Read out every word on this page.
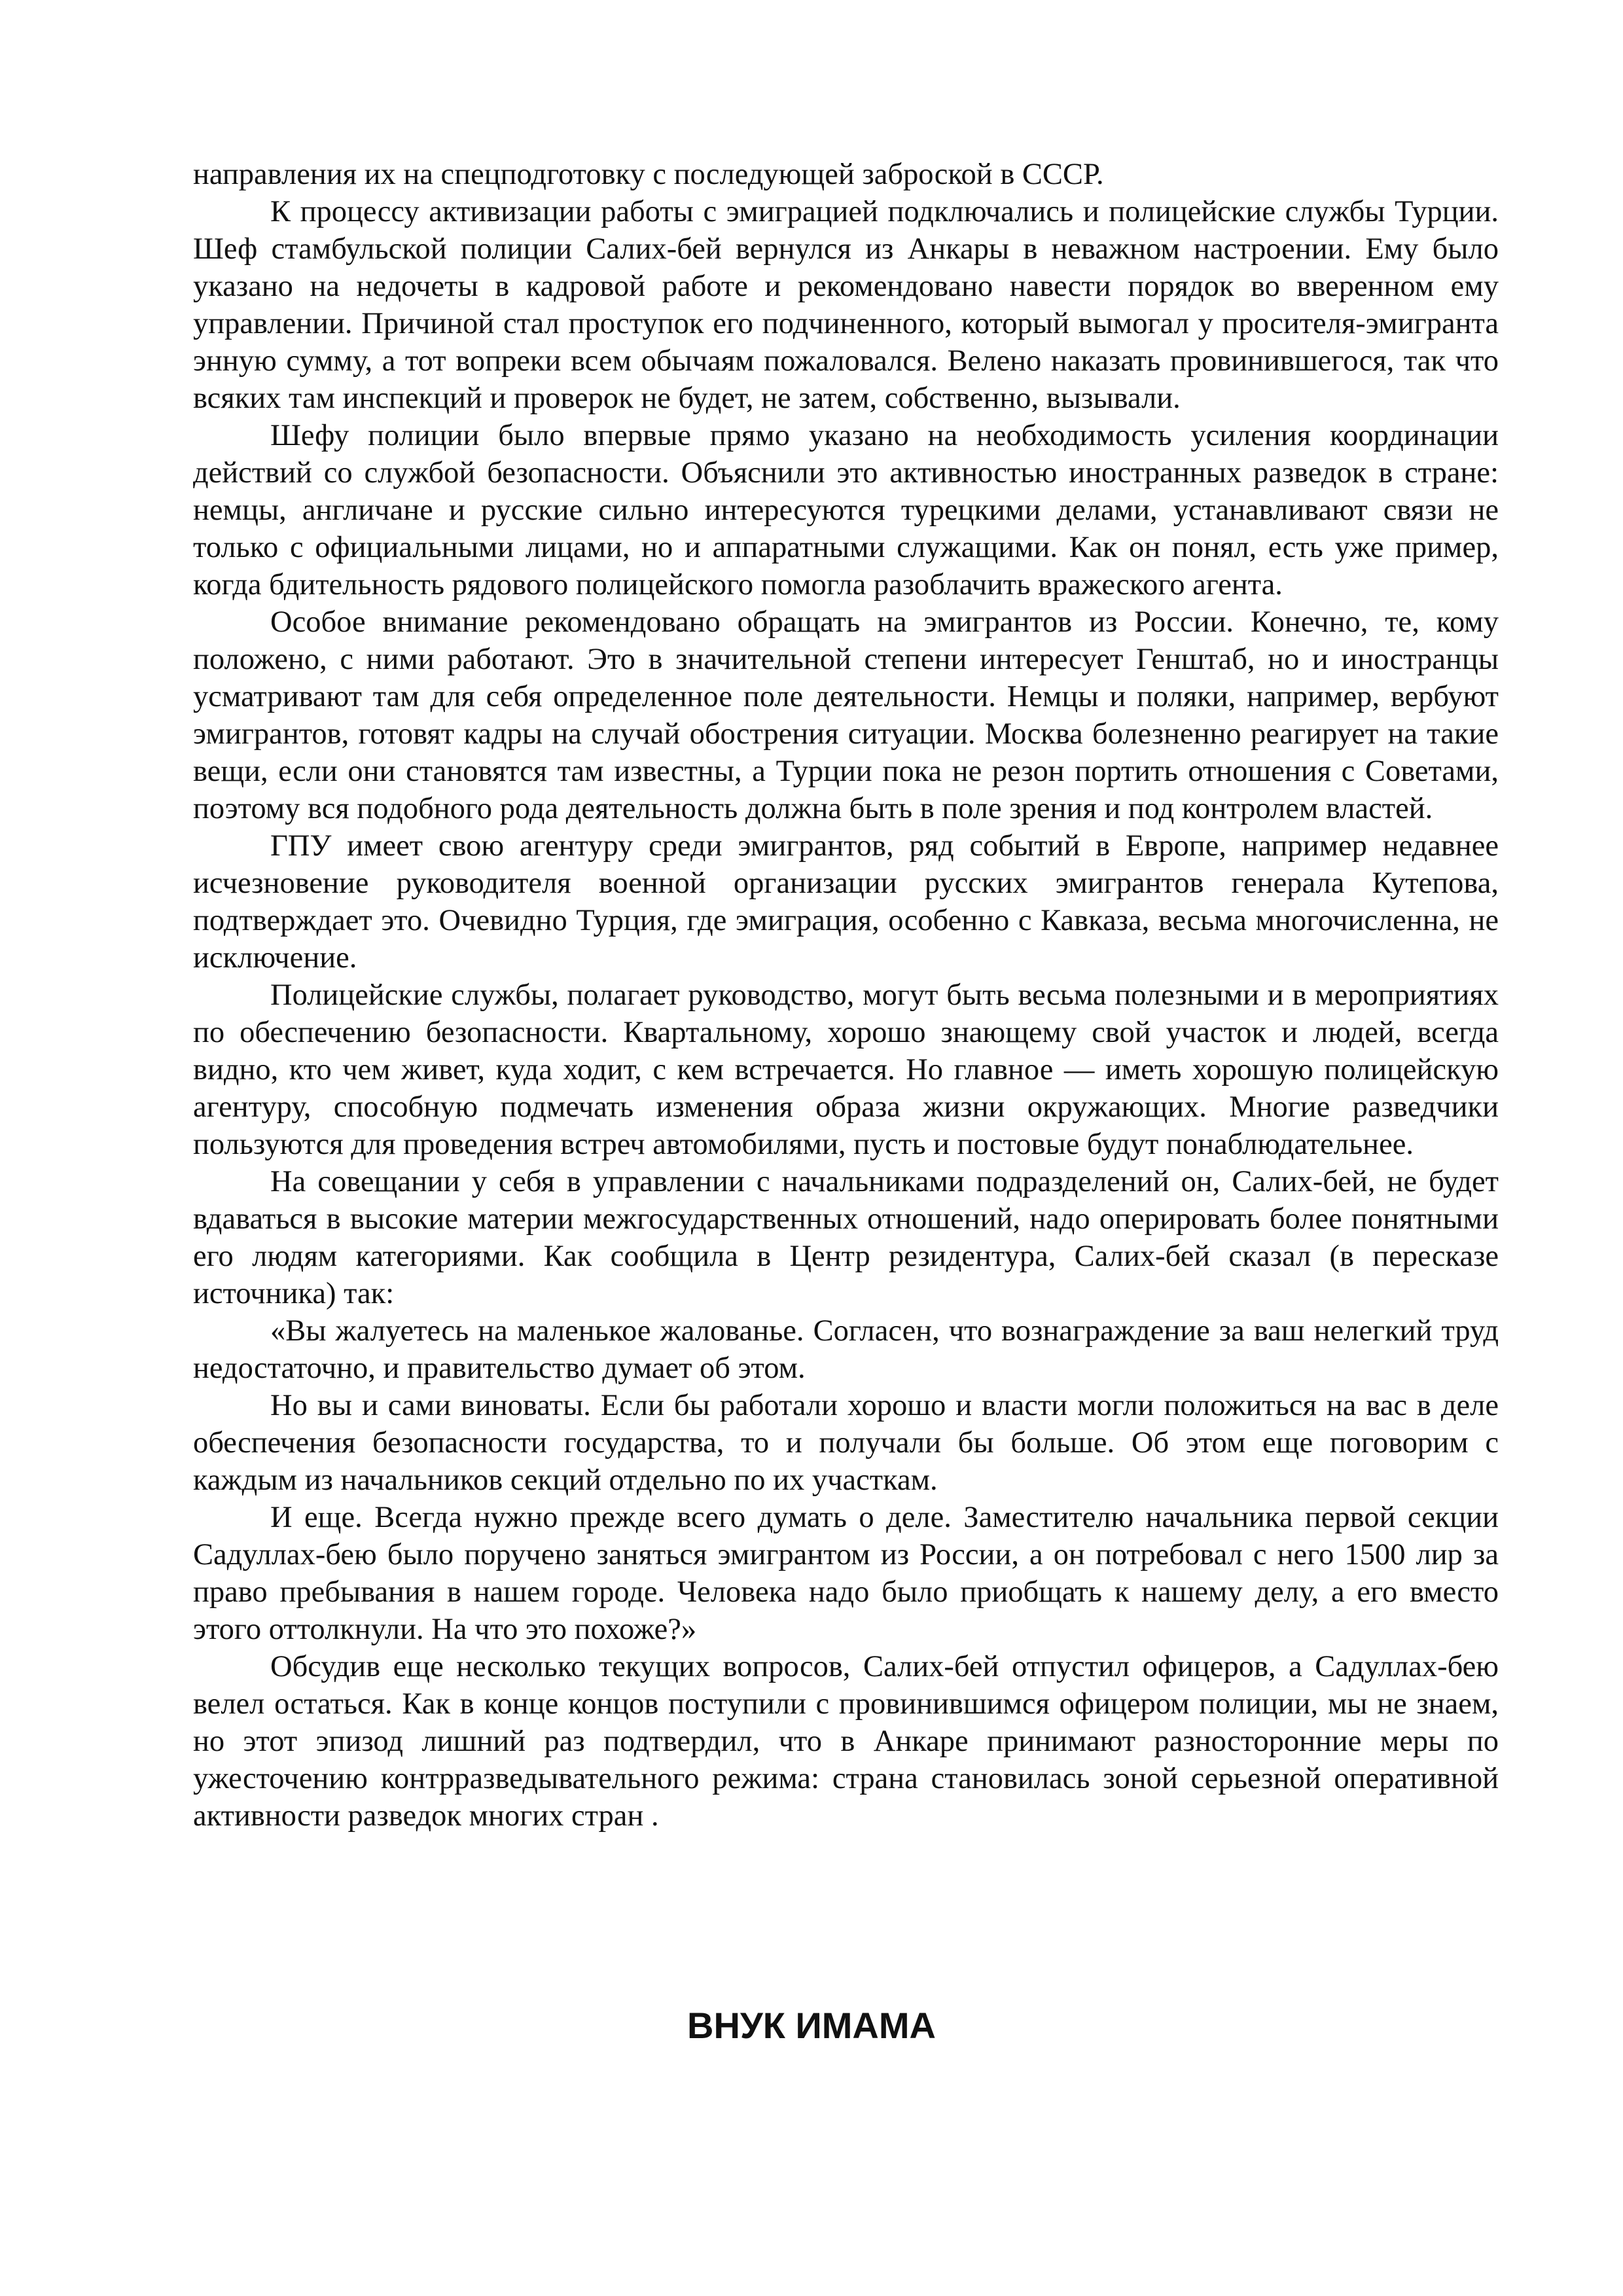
направления их на спецподготовку с последующей заброской в СССР.

К процессу активизации работы с эмиграцией подключались и полицейские службы Турции. Шеф стамбульской полиции Салих-бей вернулся из Анкары в неважном настроении. Ему было указано на недочеты в кадровой работе и рекомендовано навести порядок во вверенном ему управлении. Причиной стал проступок его подчиненного, который вымогал у просителя-эмигранта энную сумму, а тот вопреки всем обычаям пожаловался. Велено наказать провинившегося, так что всяких там инспекций и проверок не будет, не затем, собственно, вызывали.

Шефу полиции было впервые прямо указано на необходимость усиления координации действий со службой безопасности. Объяснили это активностью иностранных разведок в стране: немцы, англичане и русские сильно интересуются турецкими делами, устанавливают связи не только с официальными лицами, но и аппаратными служащими. Как он понял, есть уже пример, когда бдительность рядового полицейского помогла разоблачить вражеского агента.

Особое внимание рекомендовано обращать на эмигрантов из России. Конечно, те, кому положено, с ними работают. Это в значительной степени интересует Генштаб, но и иностранцы усматривают там для себя определенное поле деятельности. Немцы и поляки, например, вербуют эмигрантов, готовят кадры на случай обострения ситуации. Москва болезненно реагирует на такие вещи, если они становятся там известны, а Турции пока не резон портить отношения с Советами, поэтому вся подобного рода деятельность должна быть в поле зрения и под контролем властей.

ГПУ имеет свою агентуру среди эмигрантов, ряд событий в Европе, например недавнее исчезновение руководителя военной организации русских эмигрантов генерала Кутепова, подтверждает это. Очевидно Турция, где эмиграция, особенно с Кавказа, весьма многочисленна, не исключение.

Полицейские службы, полагает руководство, могут быть весьма полезными и в мероприятиях по обеспечению безопасности. Квартальному, хорошо знающему свой участок и людей, всегда видно, кто чем живет, куда ходит, с кем встречается. Но главное — иметь хорошую полицейскую агентуру, способную подмечать изменения образа жизни окружающих. Многие разведчики пользуются для проведения встреч автомобилями, пусть и постовые будут понаблюдательнее.

На совещании у себя в управлении с начальниками подразделений он, Салих-бей, не будет вдаваться в высокие материи межгосударственных отношений, надо оперировать более понятными его людям категориями. Как сообщила в Центр резидентура, Салих-бей сказал (в пересказе источника) так:

«Вы жалуетесь на маленькое жалованье. Согласен, что вознаграждение за ваш нелегкий труд недостаточно, и правительство думает об этом.

Но вы и сами виноваты. Если бы работали хорошо и власти могли положиться на вас в деле обеспечения безопасности государства, то и получали бы больше. Об этом еще поговорим с каждым из начальников секций отдельно по их участкам.

И еще. Всегда нужно прежде всего думать о деле. Заместителю начальника первой секции Садуллах-бею было поручено заняться эмигрантом из России, а он потребовал с него 1500 лир за право пребывания в нашем городе. Человека надо было приобщать к нашему делу, а его вместо этого оттолкнули. На что это похоже?»

Обсудив еще несколько текущих вопросов, Салих-бей отпустил офицеров, а Садуллах-бею велел остаться. Как в конце концов поступили с провинившимся офицером полиции, мы не знаем, но этот эпизод лишний раз подтвердил, что в Анкаре принимают разносторонние меры по ужесточению контрразведывательного режима: страна становилась зоной серьезной оперативной активности разведок многих стран .

ВНУК ИМАМА
